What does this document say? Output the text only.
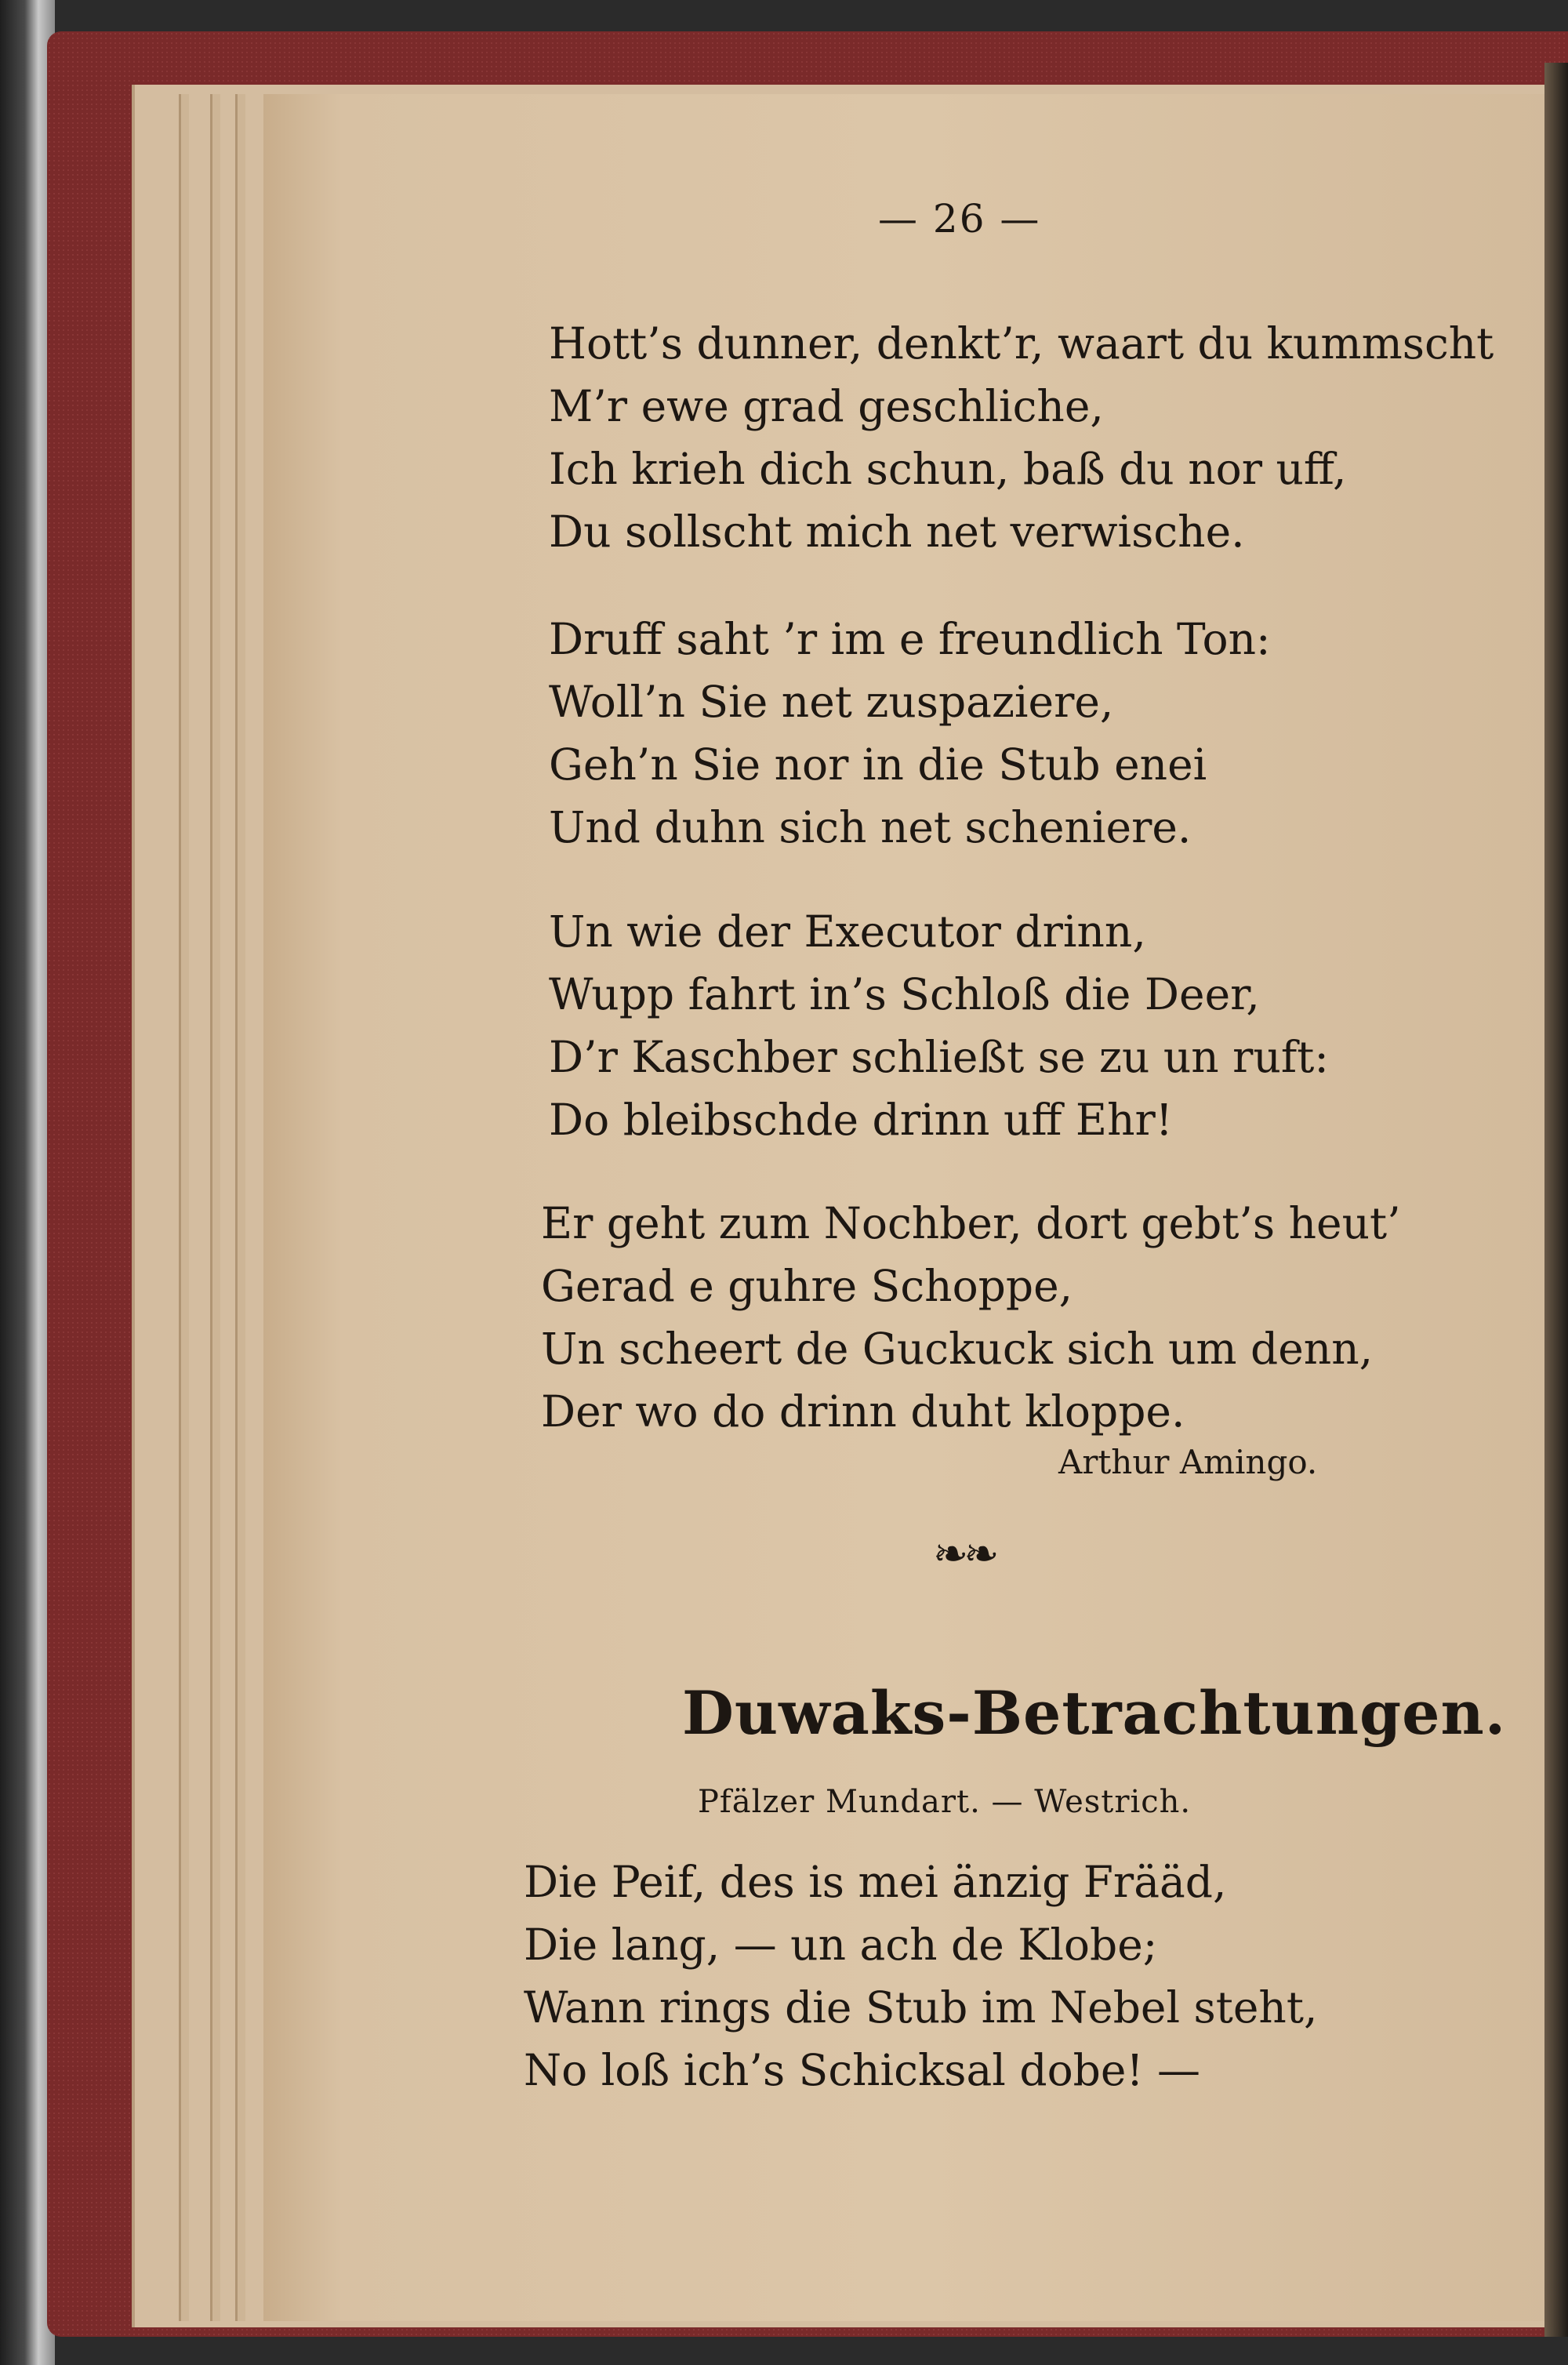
— 26 —
Hott’s dunner, denkt’r, waart du kummscht
M’r ewe grad geschliche,
Ich krieh dich schun, baß du nor uff,
Du sollscht mich net verwische.
Druff saht ’r im e freundlich Ton:
Woll’n Sie net zuspaziere,
Geh’n Sie nor in die Stub enei
Und duhn sich net scheniere.
Un wie der Executor drinn,
Wupp fahrt in’s Schloß die Deer,
D’r Kaschber schließt se zu un ruft:
Do bleibschde drinn uff Ehr!
Er geht zum Nochber, dort gebt’s heut’
Gerad e guhre Schoppe,
Un scheert de Guckuck sich um denn,
Der wo do drinn duht kloppe.
Arthur Amingo.
❧❧
Duwaks-Betrachtungen.
Pfälzer Mundart. — Westrich.
Die Peif, des is mei änzig Frääd,
Die lang, — un ach de Klobe;
Wann rings die Stub im Nebel steht,
No loß ich’s Schicksal dobe! —
